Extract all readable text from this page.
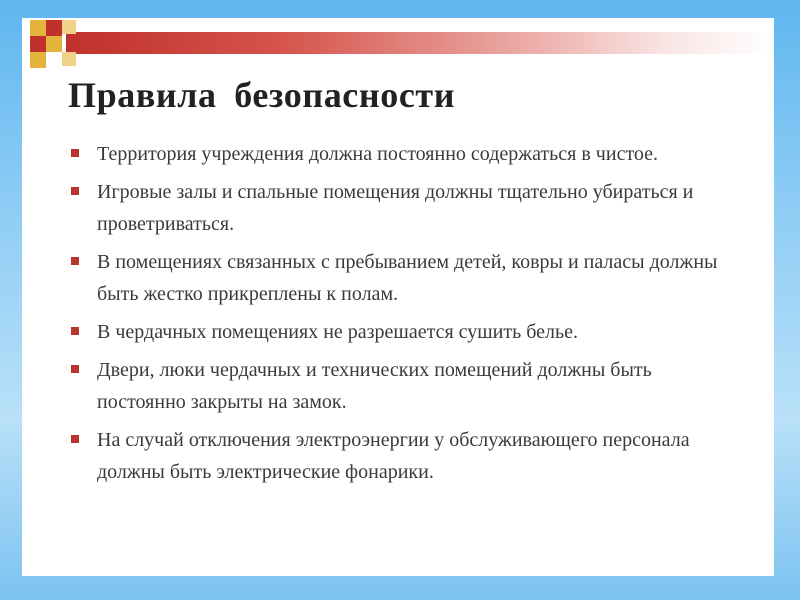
Правила безопасности
Территория учреждения должна постоянно содержаться в чистое.
Игровые залы и спальные помещения должны тщательно убираться и проветриваться.
В помещениях связанных с пребыванием детей, ковры и паласы должны быть жестко прикреплены к полам.
В чердачных помещениях не разрешается сушить белье.
Двери, люки чердачных и технических помещений должны быть постоянно закрыты на замок.
На случай отключения электроэнергии у обслуживающего персонала должны быть электрические фонарики.
